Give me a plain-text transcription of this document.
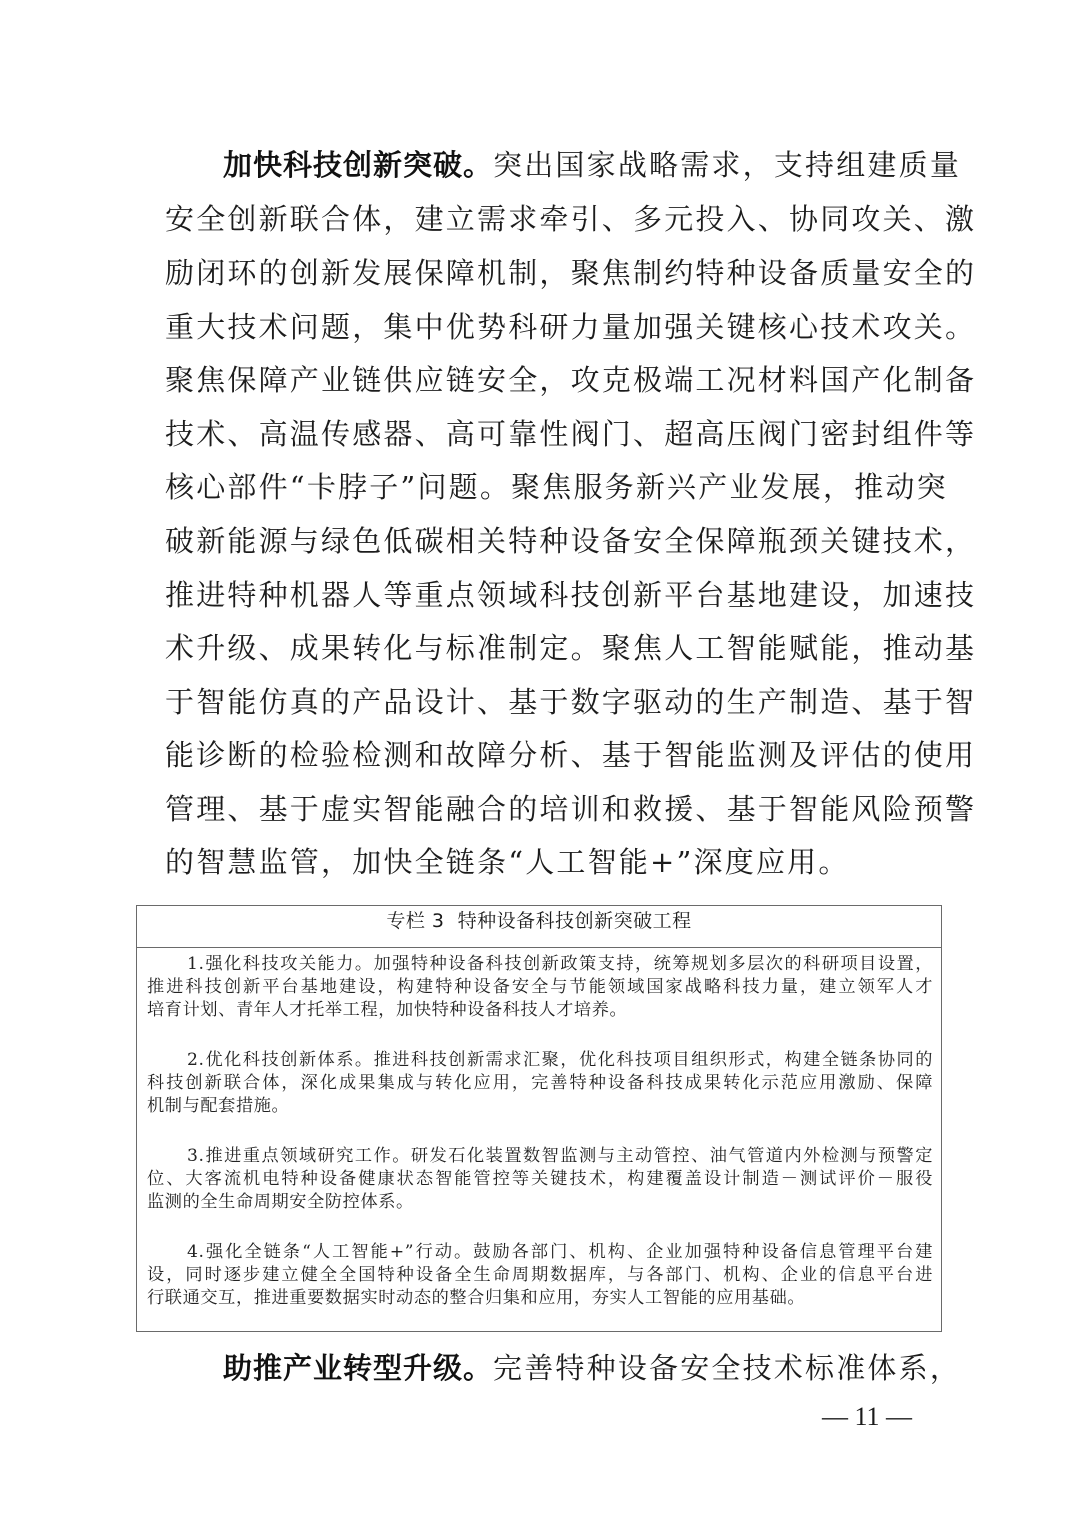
加快科技创新突破。突出国家战略需求，支持组建质量
安全创新联合体，建立需求牵引、多元投入、协同攻关、激
励闭环的创新发展保障机制，聚焦制约特种设备质量安全的
重大技术问题，集中优势科研力量加强关键核心技术攻关。
聚焦保障产业链供应链安全，攻克极端工况材料国产化制备
技术、高温传感器、高可靠性阀门、超高压阀门密封组件等
核心部件“卡脖子”问题。聚焦服务新兴产业发展，推动突
破新能源与绿色低碳相关特种设备安全保障瓶颈关键技术，
推进特种机器人等重点领域科技创新平台基地建设，加速技
术升级、成果转化与标准制定。聚焦人工智能赋能，推动基
于智能仿真的产品设计、基于数字驱动的生产制造、基于智
能诊断的检验检测和故障分析、基于智能监测及评估的使用
管理、基于虚实智能融合的培训和救援、基于智能风险预警
的智慧监管，加快全链条“人工智能+”深度应用。
专栏 3  特种设备科技创新突破工程
1.强化科技攻关能力。加强特种设备科技创新政策支持，统筹规划多层次的科研项目设置，
推进科技创新平台基地建设，构建特种设备安全与节能领域国家战略科技力量，建立领军人才
培育计划、青年人才托举工程，加快特种设备科技人才培养。
2.优化科技创新体系。推进科技创新需求汇聚，优化科技项目组织形式，构建全链条协同的
科技创新联合体，深化成果集成与转化应用，完善特种设备科技成果转化示范应用激励、保障
机制与配套措施。
3.推进重点领域研究工作。研发石化装置数智监测与主动管控、油气管道内外检测与预警定
位、大客流机电特种设备健康状态智能管控等关键技术，构建覆盖设计制造－测试评价－服役
监测的全生命周期安全防控体系。
4.强化全链条“人工智能+”行动。鼓励各部门、机构、企业加强特种设备信息管理平台建
设，同时逐步建立健全全国特种设备全生命周期数据库，与各部门、机构、企业的信息平台进
行联通交互，推进重要数据实时动态的整合归集和应用，夯实人工智能的应用基础。
助推产业转型升级。完善特种设备安全技术标准体系，
— 11 —
